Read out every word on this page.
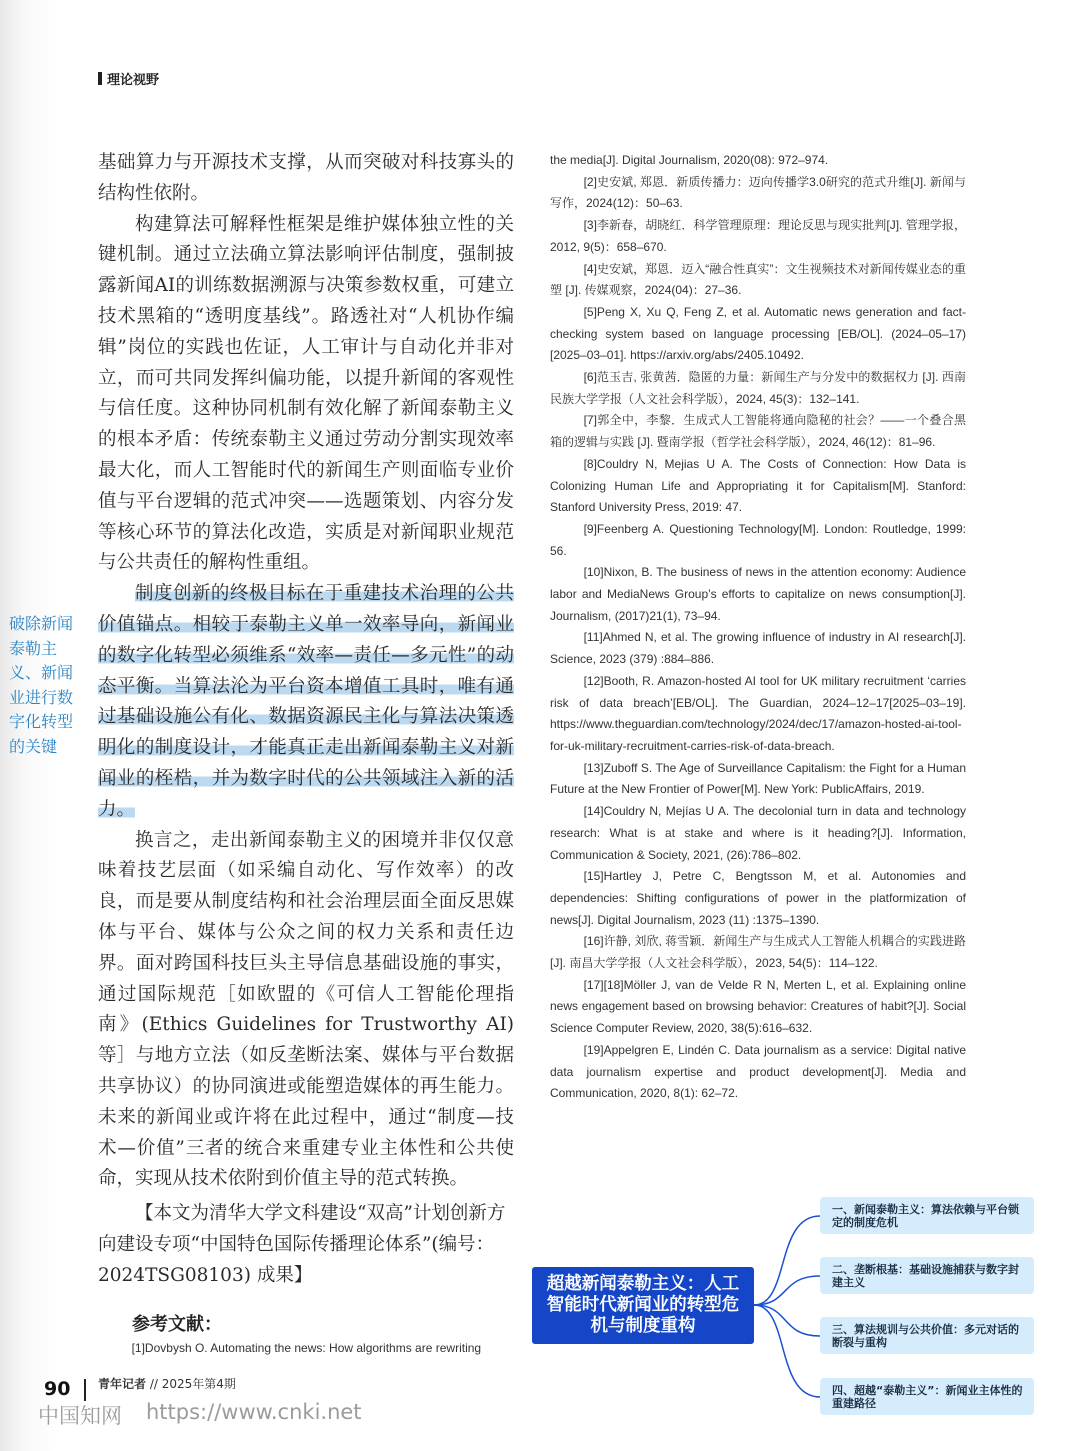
理论视野

基础算力与开源技术支撑，从而突破对科技寡头的结构性依附。

构建算法可解释性框架是维护媒体独立性的关键机制。通过立法确立算法影响评估制度，强制披露新闻AI的训练数据溯源与决策参数权重，可建立技术黑箱的“透明度基线”。路透社对“人机协作编辑”岗位的实践也佐证，人工审计与自动化并非对立，而可共同发挥纠偏功能，以提升新闻的客观性与信任度。这种协同机制有效化解了新闻泰勒主义的根本矛盾：传统泰勒主义通过劳动分割实现效率最大化，而人工智能时代的新闻生产则面临专业价值与平台逻辑的范式冲突——选题策划、内容分发等核心环节的算法化改造，实质是对新闻职业规范与公共责任的解构性重组。

制度创新的终极目标在于重建技术治理的公共价值锚点。相较于泰勒主义单一效率导向，新闻业的数字化转型必须维系“效率—责任—多元性”的动态平衡。当算法沦为平台资本增值工具时，唯有通过基础设施公有化、数据资源民主化与算法决策透明化的制度设计，才能真正走出新闻泰勒主义对新闻业的桎梏，并为数字时代的公共领域注入新的活力。

换言之，走出新闻泰勒主义的困境并非仅仅意味着技艺层面（如采编自动化、写作效率）的改良，而是要从制度结构和社会治理层面全面反思媒体与平台、媒体与公众之间的权力关系和责任边界。面对跨国科技巨头主导信息基础设施的事实，通过国际规范［如欧盟的《可信人工智能伦理指南》(Ethics Guidelines for Trustworthy AI) 等］与地方立法（如反垄断法案、媒体与平台数据共享协议）的协同演进或能塑造媒体的再生能力。未来的新闻业或许将在此过程中，通过“制度—技术—价值”三者的统合来重建专业主体性和公共使命，实现从技术依附到价值主导的范式转换。

【本文为清华大学文科建设“双高”计划创新方向建设专项“中国特色国际传播理论体系”(编号：2024TSG08103) 成果】

参考文献：

[1]Dovbysh O. Automating the news: How algorithms are rewriting

破除新闻泰勒主义、新闻业进行数字化转型的关键

the media[J]. Digital Journalism, 2020(08): 972–974.

[2]史安斌, 郑恩．新质传播力：迈向传播学3.0研究的范式升维[J]. 新闻与写作，2024(12)：50–63.

[3]李新春，胡晓红．科学管理原理：理论反思与现实批判[J]. 管理学报，2012, 9(5)：658–670.

[4]史安斌，郑恩．迈入“融合性真实”：文生视频技术对新闻传媒业态的重塑 [J]. 传媒观察，2024(04)：27–36.

[5]Peng X, Xu Q, Feng Z, et al. Automatic news generation and fact-checking system based on language processing [EB/OL]. (2024–05–17) [2025–03–01]. https://arxiv.org/abs/2405.10492.

[6]范玉吉, 张黄茜．隐匿的力量：新闻生产与分发中的数据权力 [J]. 西南民族大学学报（人文社会科学版），2024, 45(3)：132–141.

[7]郭全中，李黎．生成式人工智能将通向隐秘的社会？——一个叠合黑箱的逻辑与实践 [J]. 暨南学报（哲学社会科学版），2024, 46(12)：81–96.

[8]Couldry N, Mejias U A. The Costs of Connection: How Data is Colonizing Human Life and Appropriating it for Capitalism[M]. Stanford: Stanford University Press, 2019: 47.

[9]Feenberg A. Questioning Technology[M]. London: Routledge, 1999: 56.

[10]Nixon, B. The business of news in the attention economy: Audience labor and MediaNews Group’s efforts to capitalize on news consumption[J]. Journalism, (2017)21(1), 73–94.

[11]Ahmed N, et al. The growing influence of industry in AI research[J]. Science, 2023 (379) :884–886.

[12]Booth, R. Amazon-hosted AI tool for UK military recruitment ‘carries risk of data breach’[EB/OL]. The Guardian, 2024–12–17[2025–03–19]. https://www.theguardian.com/technology/2024/dec/17/amazon-hosted-ai-tool-for-uk-military-recruitment-carries-risk-of-data-breach.

[13]Zuboff S. The Age of Surveillance Capitalism: the Fight for a Human Future at the New Frontier of Power[M]. New York: PublicAffairs, 2019.

[14]Couldry N, Mejías U A. The decolonial turn in data and technology research: What is at stake and where is it heading?[J]. Information, Communication & Society, 2021, (26):786–802.

[15]Hartley J, Petre C, Bengtsson M, et al. Autonomies and dependencies: Shifting configurations of power in the platformization of news[J]. Digital Journalism, 2023 (11) :1375–1390.

[16]许静, 刘欣, 蒋雪颖．新闻生产与生成式人工智能人机耦合的实践进路 [J]. 南昌大学学报（人文社会科学版），2023, 54(5)：114–122.

[17][18]Möller J, van de Velde R N, Merten L, et al. Explaining online news engagement based on browsing behavior: Creatures of habit?[J]. Social Science Computer Review, 2020, 38(5):616–632.

[19]Appelgren E, Lindén C. Data journalism as a service: Digital native data journalism expertise and product development[J]. Media and Communication, 2020, 8(1): 62–72.

超越新闻泰勒主义：人工智能时代新闻业的转型危机与制度重构
一、新闻泰勒主义：算法依赖与平台锁定的制度危机
二、垄断根基：基础设施捕获与数字封建主义
三、算法规训与公共价值：多元对话的断裂与重构
四、超越“泰勒主义”：新闻业主体性的重建路径
90 青年记者 // 2025年第4期
中国知网 https://www.cnki.net
